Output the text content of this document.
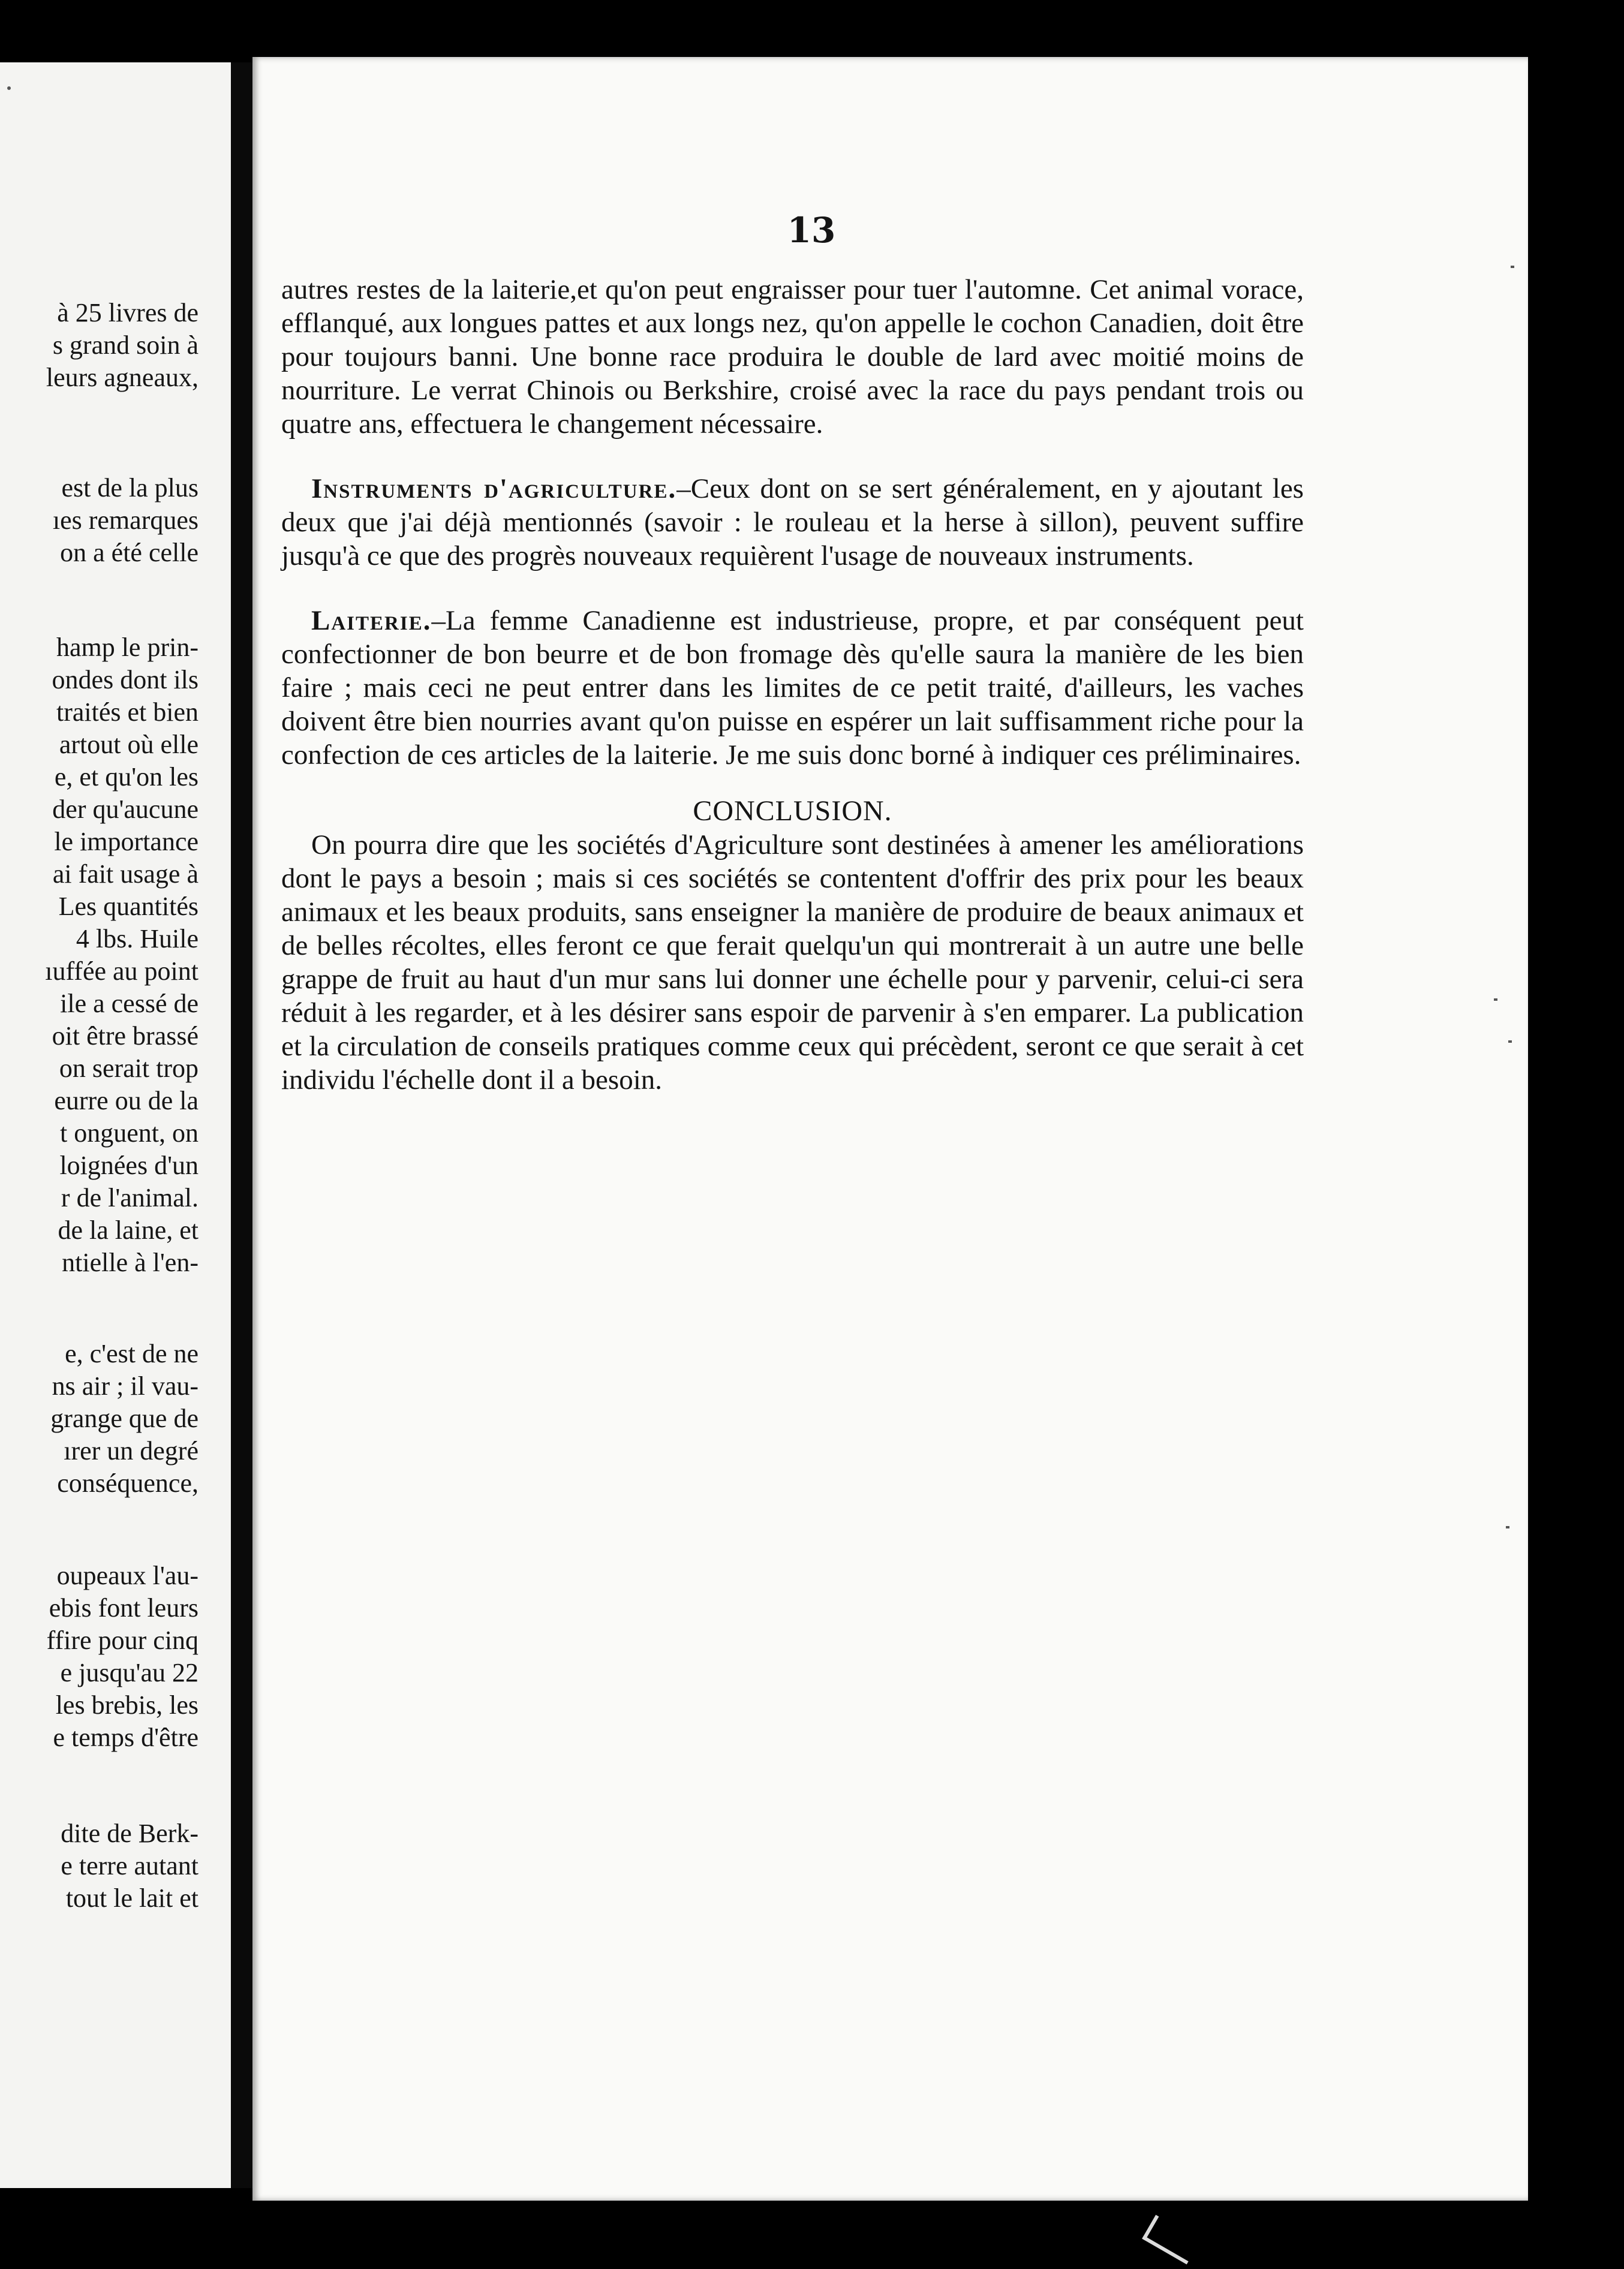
à 25 livres de
s grand soin à
leurs agneaux,
est de la plus
ıes remarques
on a été celle
hamp le prin-
ondes dont ils
traités et bien
artout où elle
e, et qu'on les
der qu'aucune
le importance
ai fait usage à
Les quantités
4 lbs. Huile
ıuffée au point
ile a cessé de
oit être brassé
on serait trop
eurre ou de la
t onguent, on
loignées d'un
r de l'animal.
de la laine, et
ntielle à l'en-
e, c'est de ne
ns air ; il vau-
grange que de
ırer un degré
conséquence,
oupeaux l'au-
ebis font leurs
ffire pour cinq
e jusqu'au 22
les brebis, les
e temps d'être
dite de Berk-
e terre autant
tout le lait et
13

autres restes de la laiterie,et qu'on peut engraisser pour tuer l'automne. Cet animal vorace, efflanqué, aux longues pattes et aux longs nez, qu'on appelle le cochon Canadien, doit être pour toujours banni. Une bonne race produira le double de lard avec moitié moins de nourriture. Le verrat Chinois ou Berkshire, croisé avec la race du pays pendant trois ou quatre ans, effectuera le changement nécessaire.

Instruments d'agriculture.–Ceux dont on se sert généralement, en y ajoutant les deux que j'ai déjà mentionnés (savoir : le rouleau et la herse à sillon), peuvent suffire jusqu'à ce que des progrès nouveaux requièrent l'usage de nouveaux instruments.

Laiterie.–La femme Canadienne est industrieuse, propre, et par conséquent peut confectionner de bon beurre et de bon fromage dès qu'elle saura la manière de les bien faire ; mais ceci ne peut entrer dans les limites de ce petit traité, d'ailleurs, les vaches doivent être bien nourries avant qu'on puisse en espérer un lait suffisamment riche pour la confection de ces articles de la laiterie. Je me suis donc borné à indiquer ces préliminaires.

CONCLUSION.

On pourra dire que les sociétés d'Agriculture sont destinées à amener les améliorations dont le pays a besoin ; mais si ces sociétés se contentent d'offrir des prix pour les beaux animaux et les beaux produits, sans enseigner la manière de produire de beaux animaux et de belles récoltes, elles feront ce que ferait quelqu'un qui montrerait à un autre une belle grappe de fruit au haut d'un mur sans lui donner une échelle pour y parvenir, celui-ci sera réduit à les regarder, et à les désirer sans espoir de parvenir à s'en emparer. La publication et la circulation de conseils pratiques comme ceux qui précèdent, seront ce que serait à cet individu l'échelle dont il a besoin.
